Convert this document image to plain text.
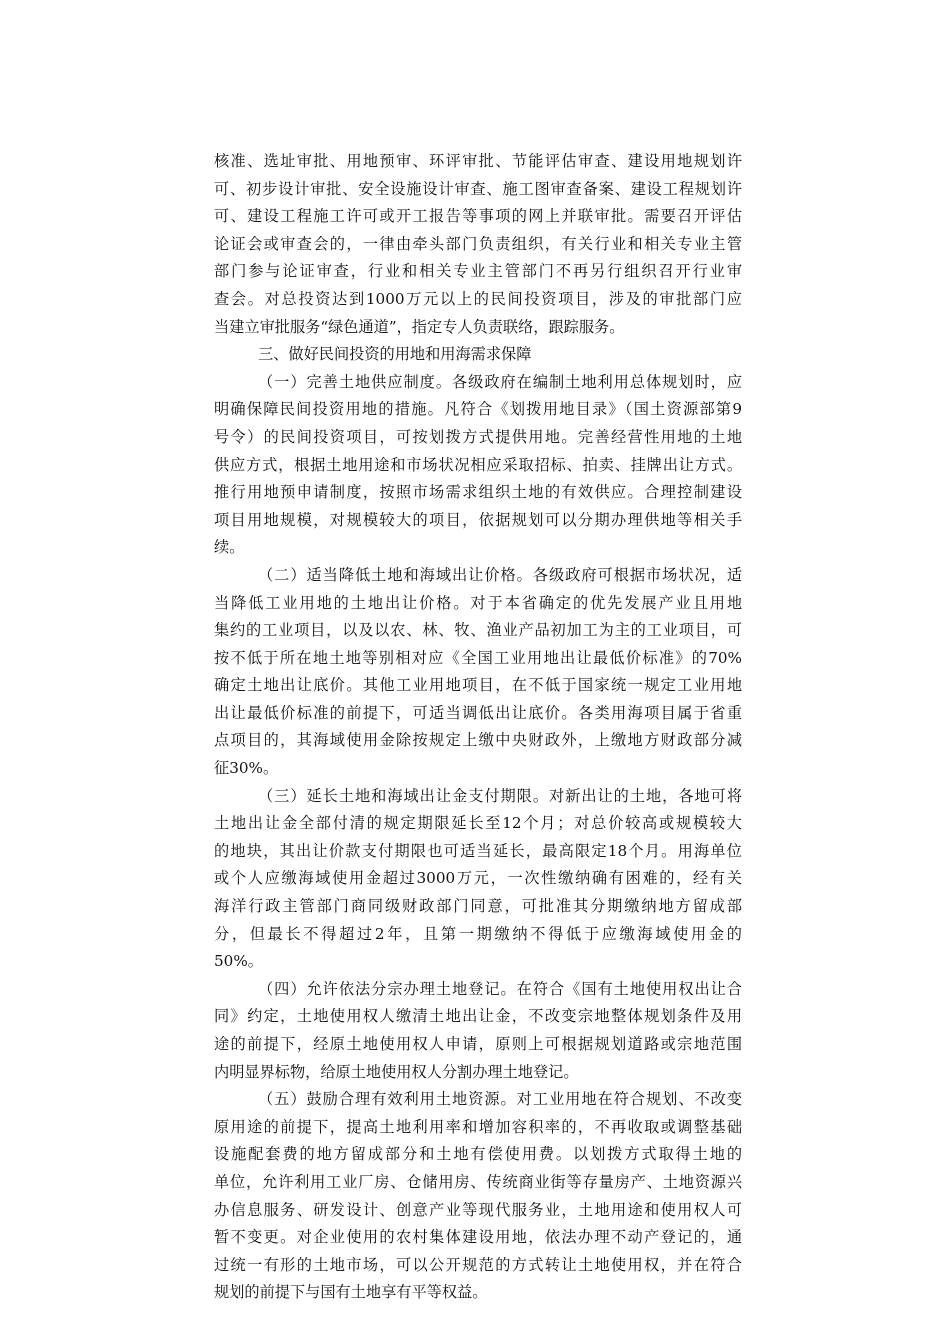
核准、选址审批、用地预审、环评审批、节能评估审查、建设用地规划许
可、初步设计审批、安全设施设计审查、施工图审查备案、建设工程规划许
可、建设工程施工许可或开工报告等事项的网上并联审批。需要召开评估
论证会或审查会的，一律由牵头部门负责组织，有关行业和相关专业主管
部门参与论证审查，行业和相关专业主管部门不再另行组织召开行业审
查会。对总投资达到1000万元以上的民间投资项目，涉及的审批部门应
当建立审批服务“绿色通道”，指定专人负责联络，跟踪服务。
三、做好民间投资的用地和用海需求保障
（一）完善土地供应制度。各级政府在编制土地利用总体规划时，应
明确保障民间投资用地的措施。凡符合《划拨用地目录》（国土资源部第9
号令）的民间投资项目，可按划拨方式提供用地。完善经营性用地的土地
供应方式，根据土地用途和市场状况相应采取招标、拍卖、挂牌出让方式。
推行用地预申请制度，按照市场需求组织土地的有效供应。合理控制建设
项目用地规模，对规模较大的项目，依据规划可以分期办理供地等相关手
续。
（二）适当降低土地和海域出让价格。各级政府可根据市场状况，适
当降低工业用地的土地出让价格。对于本省确定的优先发展产业且用地
集约的工业项目，以及以农、林、牧、渔业产品初加工为主的工业项目，可
按不低于所在地土地等别相对应《全国工业用地出让最低价标准》的70%
确定土地出让底价。其他工业用地项目，在不低于国家统一规定工业用地
出让最低价标准的前提下，可适当调低出让底价。各类用海项目属于省重
点项目的，其海域使用金除按规定上缴中央财政外，上缴地方财政部分减
征30%。
（三）延长土地和海域出让金支付期限。对新出让的土地，各地可将
土地出让金全部付清的规定期限延长至12个月；对总价较高或规模较大
的地块，其出让价款支付期限也可适当延长，最高限定18个月。用海单位
或个人应缴海域使用金超过3000万元，一次性缴纳确有困难的，经有关
海洋行政主管部门商同级财政部门同意，可批准其分期缴纳地方留成部
分，但最长不得超过2年，且第一期缴纳不得低于应缴海域使用金的
50%。
（四）允许依法分宗办理土地登记。在符合《国有土地使用权出让合
同》约定，土地使用权人缴清土地出让金，不改变宗地整体规划条件及用
途的前提下，经原土地使用权人申请，原则上可根据规划道路或宗地范围
内明显界标物，给原土地使用权人分割办理土地登记。
（五）鼓励合理有效利用土地资源。对工业用地在符合规划、不改变
原用途的前提下，提高土地利用率和增加容积率的，不再收取或调整基础
设施配套费的地方留成部分和土地有偿使用费。以划拨方式取得土地的
单位，允许利用工业厂房、仓储用房、传统商业街等存量房产、土地资源兴
办信息服务、研发设计、创意产业等现代服务业，土地用途和使用权人可
暂不变更。对企业使用的农村集体建设用地，依法办理不动产登记的，通
过统一有形的土地市场，可以公开规范的方式转让土地使用权，并在符合
规划的前提下与国有土地享有平等权益。
